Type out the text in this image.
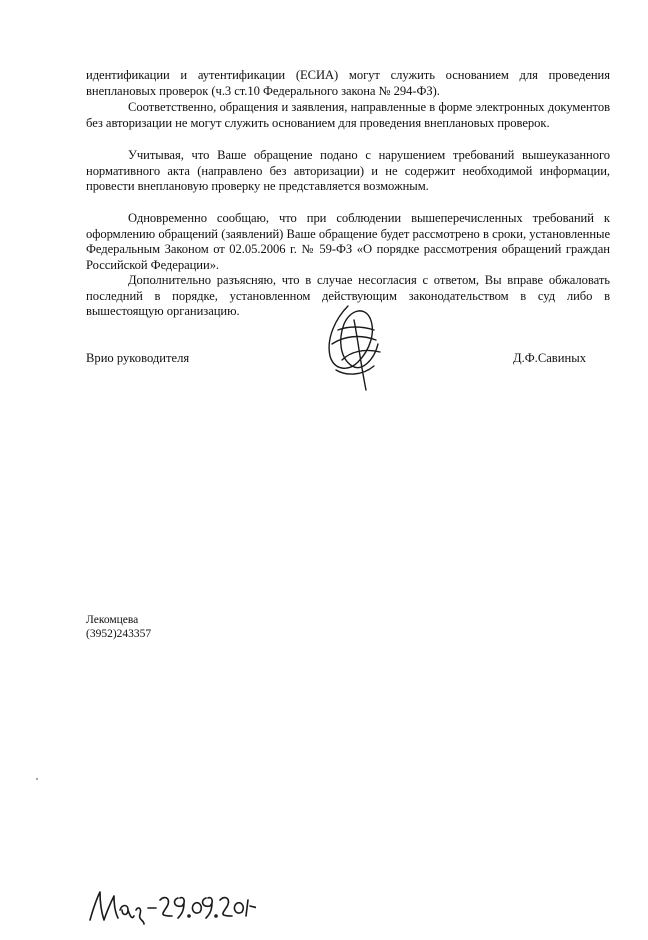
идентификации и аутентификации (ЕСИА) могут служить основанием для проведения внеплановых проверок (ч.3 ст.10 Федерального закона № 294-ФЗ).

Соответственно, обращения и заявления, направленные в форме электронных документов без авторизации не могут служить основанием для проведения внеплановых проверок.

Учитывая, что Ваше обращение подано с нарушением требований вышеуказанного нормативного акта (направлено без авторизации) и не содержит необходимой информации, провести внеплановую проверку не представляется возможным.

Одновременно сообщаю, что при соблюдении вышеперечисленных требований к оформлению обращений (заявлений) Ваше обращение будет рассмотрено в сроки, установленные Федеральным Законом от 02.05.2006 г. № 59-ФЗ «О порядке рассмотрения обращений граждан Российской Федерации».

Дополнительно разъясняю, что в случае несогласия с ответом, Вы вправе обжаловать последний в порядке, установленном действующим законодательством в суд либо в вышестоящую организацию.

Врио руководителя	Д.Ф.Савиных
Лекомцева
(3952)243357
